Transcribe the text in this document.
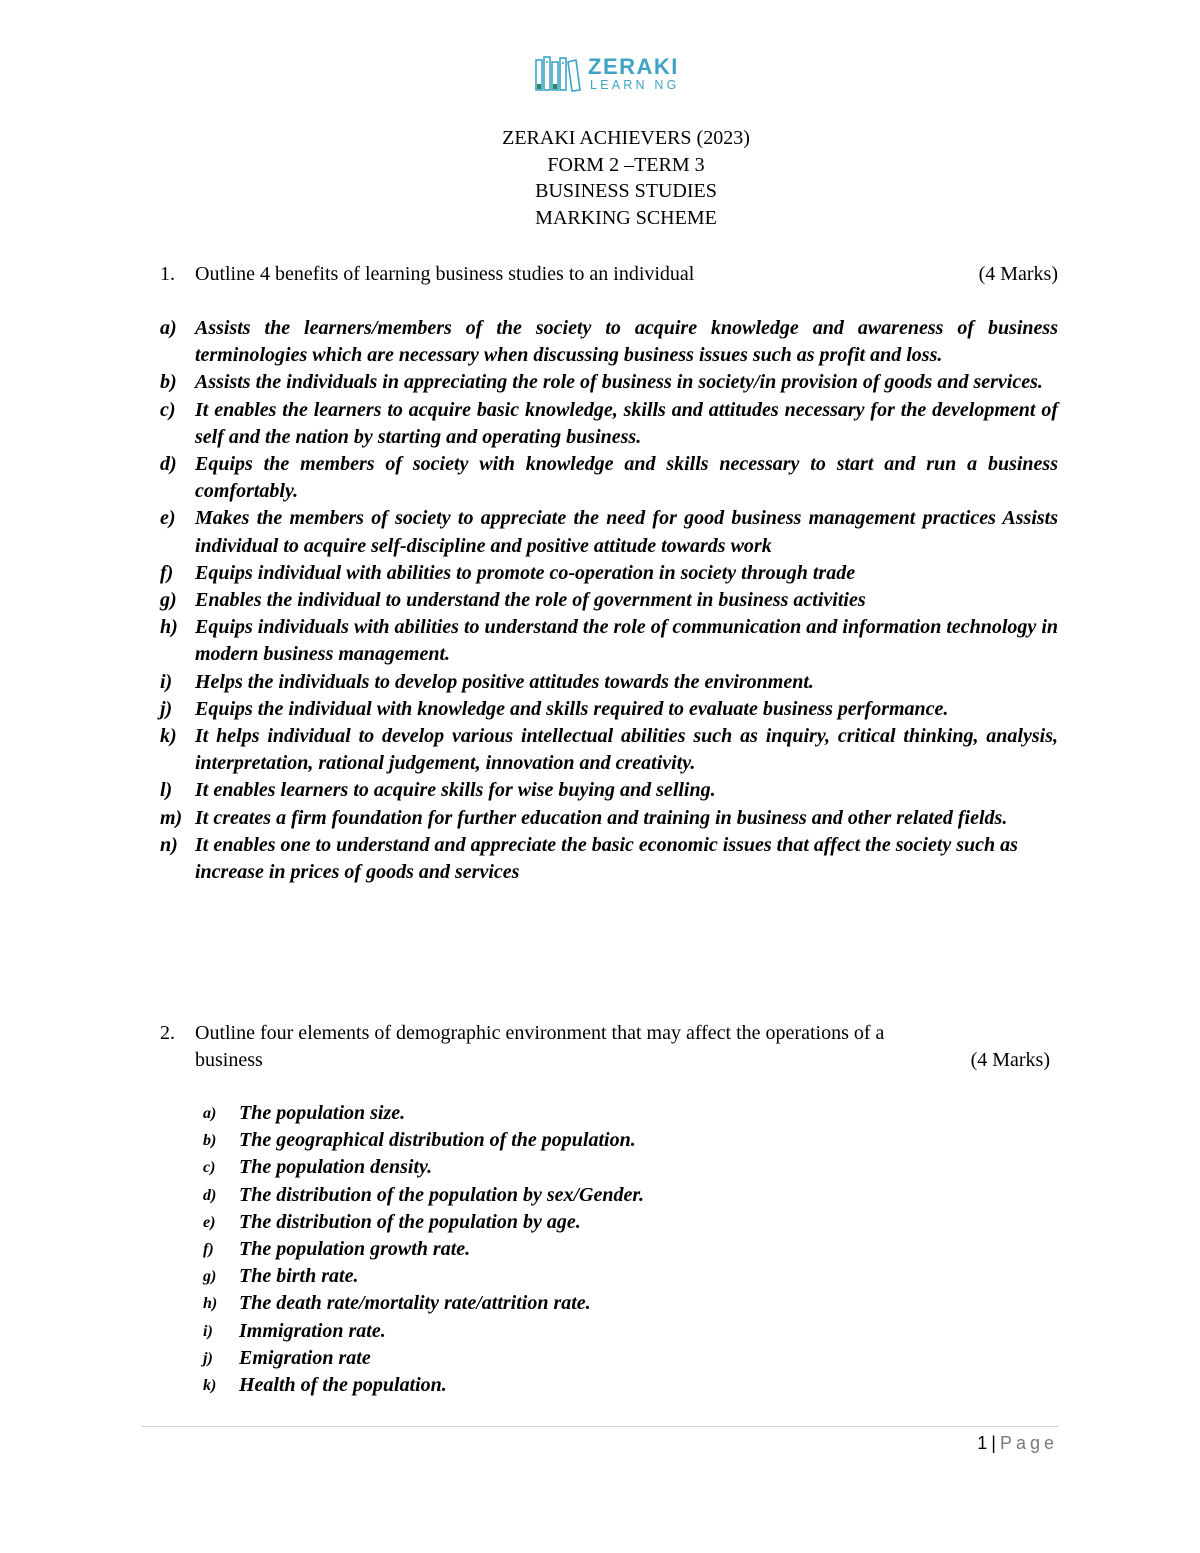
ZERAKI
LEARN NG
ZERAKI ACHIEVERS (2023)
FORM 2 –TERM 3
BUSINESS STUDIES
MARKING SCHEME
1. Outline 4 benefits of learning business studies to an individual	(4 Marks)
a) Assists the learners/members of the society to acquire knowledge and awareness of business terminologies which are necessary when discussing business issues such as profit and loss.
b) Assists the individuals in appreciating the role of business in society/in provision of goods and services.
c) It enables the learners to acquire basic knowledge, skills and attitudes necessary for the development of self and the nation by starting and operating business.
d) Equips the members of society with knowledge and skills necessary to start and run a business comfortably.
e) Makes the members of society to appreciate the need for good business management practices Assists individual to acquire self-discipline and positive attitude towards work
f) Equips individual with abilities to promote co-operation in society through trade
g) Enables the individual to understand the role of government in business activities
h) Equips individuals with abilities to understand the role of communication and information technology in modern business management.
i) Helps the individuals to develop positive attitudes towards the environment.
j) Equips the individual with knowledge and skills required to evaluate business performance.
k) It helps individual to develop various intellectual abilities such as inquiry, critical thinking, analysis, interpretation, rational judgement, innovation and creativity.
l) It enables learners to acquire skills for wise buying and selling.
m) It creates a firm foundation for further education and training in business and other related fields.
n) It enables one to understand and appreciate the basic economic issues that affect the society such as increase in prices of goods and services
2. Outline four elements of demographic environment that may affect the operations of a
business	(4 Marks)
a) The population size.
b) The geographical distribution of the population.
c) The population density.
d) The distribution of the population by sex/Gender.
e) The distribution of the population by age.
f) The population growth rate.
g) The birth rate.
h) The death rate/mortality rate/attrition rate.
i) Immigration rate.
j) Emigration rate
k) Health of the population.
1 | Page
